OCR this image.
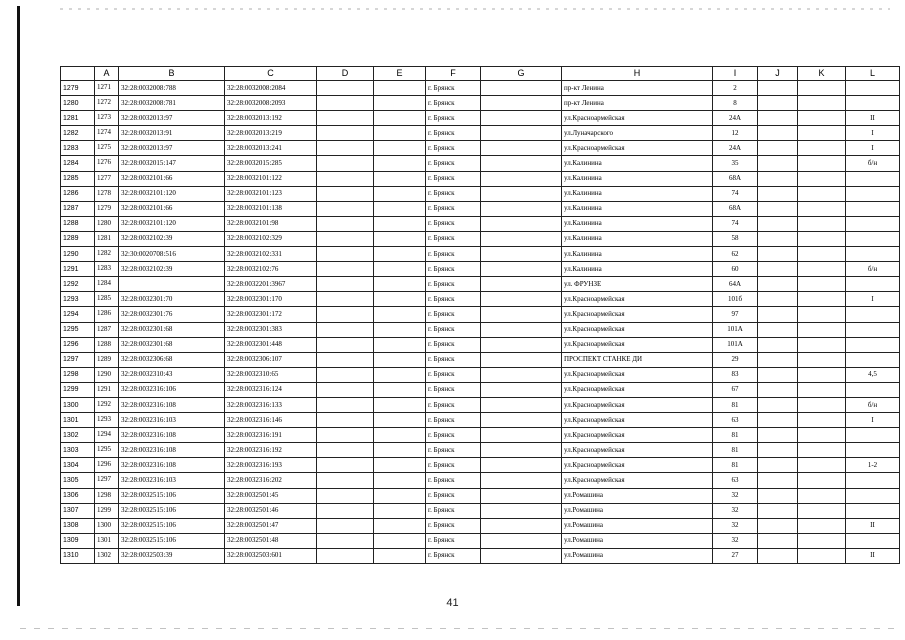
	A	B	C	D	E	F	G	H	I	J	K	L
1279	1271	32:28:0032008:788	32:28:0032008:2084			г. Брянск		пр-кт Ленина	2			
1280	1272	32:28:0032008:781	32:28:0032008:2093			г. Брянск		пр-кт Ленина	8			
1281	1273	32:28:0032013:97	32:28:0032013:192			г. Брянск		ул.Красноармейская	24А			II
1282	1274	32:28:0032013:91	32:28:0032013:219			г. Брянск		ул.Луначарского	12			I
1283	1275	32:28:0032013:97	32:28:0032013:241			г. Брянск		ул.Красноармейская	24А			I
1284	1276	32:28:0032015:147	32:28:0032015:285			г. Брянск		ул.Калинина	35			б/н
1285	1277	32:28:0032101:66	32:28:0032101:122			г. Брянск		ул.Калинина	68А			
1286	1278	32:28:0032101:120	32:28:0032101:123			г. Брянск		ул.Калинина	74			
1287	1279	32:28:0032101:66	32:28:0032101:138			г. Брянск		ул.Калинина	68А			
1288	1280	32:28:0032101:120	32:28:0032101:98			г. Брянск		ул.Калинина	74			
1289	1281	32:28:0032102:39	32:28:0032102:329			г. Брянск		ул.Калинина	58			
1290	1282	32:30:0020708:516	32:28:0032102:331			г. Брянск		ул.Калинина	62			
1291	1283	32:28:0032102:39	32:28:0032102:76			г. Брянск		ул.Калинина	60			б/н
1292	1284		32:28:0032201:3967			г. Брянск		ул. ФРУНЗЕ	64А			
1293	1285	32:28:0032301:70	32:28:0032301:170			г. Брянск		ул.Красноармейская	101б			I
1294	1286	32:28:0032301:76	32:28:0032301:172			г. Брянск		ул.Красноармейская	97			
1295	1287	32:28:0032301:68	32:28:0032301:383			г. Брянск		ул.Красноармейская	101А			
1296	1288	32:28:0032301:68	32:28:0032301:448			г. Брянск		ул.Красноармейская	101А			
1297	1289	32:28:0032306:68	32:28:0032306:107			г. Брянск		ПРОСПЕКТ СТАНКЕ ДИ	29			
1298	1290	32:28:0032310:43	32:28:0032310:65			г. Брянск		ул.Красноармейская	83			4,5
1299	1291	32:28:0032316:106	32:28:0032316:124			г. Брянск		ул.Красноармейская	67			
1300	1292	32:28:0032316:108	32:28:0032316:133			г. Брянск		ул.Красноармейская	81			б/н
1301	1293	32:28:0032316:103	32:28:0032316:146			г. Брянск		ул.Красноармейская	63			I
1302	1294	32:28:0032316:108	32:28:0032316:191			г. Брянск		ул.Красноармейская	81			
1303	1295	32:28:0032316:108	32:28:0032316:192			г. Брянск		ул.Красноармейская	81			
1304	1296	32:28:0032316:108	32:28:0032316:193			г. Брянск		ул.Красноармейская	81			1-2
1305	1297	32:28:0032316:103	32:28:0032316:202			г. Брянск		ул.Красноармейская	63			
1306	1298	32:28:0032515:106	32:28:0032501:45			г. Брянск		ул.Ромашина	32			
1307	1299	32:28:0032515:106	32:28:0032501:46			г. Брянск		ул.Ромашина	32			
1308	1300	32:28:0032515:106	32:28:0032501:47			г. Брянск		ул.Ромашина	32			II
1309	1301	32:28:0032515:106	32:28:0032501:48			г. Брянск		ул.Ромашина	32			
1310	1302	32:28:0032503:39	32:28:0032503:601			г. Брянск		ул.Ромашина	27			II
41
